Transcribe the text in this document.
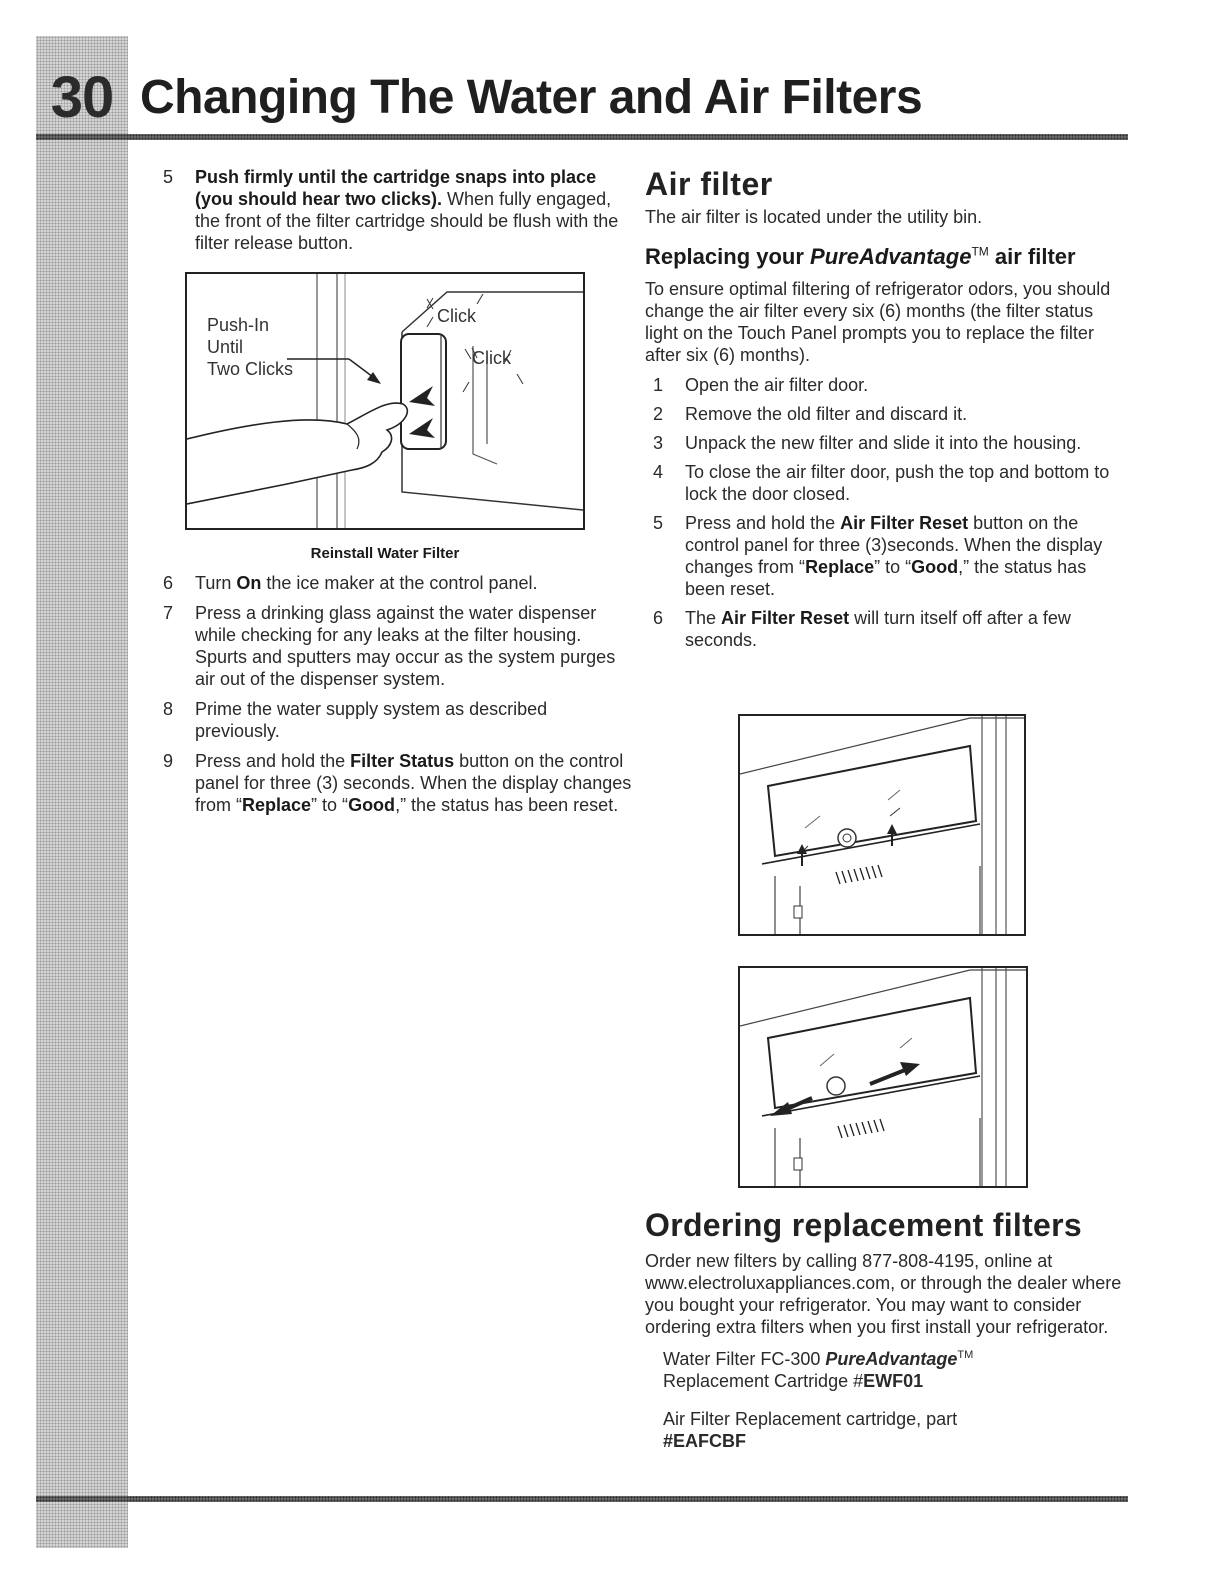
30 Changing The Water and Air Filters
5	Push firmly until the cartridge snaps into place (you should hear two clicks). When fully engaged, the front of the filter cartridge should be flush with the filter release button.
Push-In
Until
Two Clicks
Click
Click
Reinstall Water Filter
6	Turn On the ice maker at the control panel.
7	Press a drinking glass against the water dispenser while checking for any leaks at the filter housing. Spurts and sputters may occur as the system purges air out of the dispenser system.
8	Prime the water supply system as described previously.
9	Press and hold the Filter Status button on the control panel for three (3) seconds. When the display changes from “Replace” to “Good,” the status has been reset.
Air filter

The air filter is located under the utility bin.

Replacing your PureAdvantage™ air filter

To ensure optimal filtering of refrigerator odors, you should change the air filter every six (6) months (the filter status light on the Touch Panel prompts you to replace the filter after six (6) months).

1	Open the air filter door.
2	Remove the old filter and discard it.
3	Unpack the new filter and slide it into the housing.
4	To close the air filter door, push the top and bottom to lock the door closed.
5	Press and hold the Air Filter Reset button on the control panel for three (3)seconds. When the display changes from “Replace” to “Good,” the status has been reset.
6	The Air Filter Reset will turn itself off after a few seconds.
Ordering replacement filters

Order new filters by calling 877-808-4195, online at www.electroluxappliances.com, or through the dealer where you bought your refrigerator. You may want to consider ordering extra filters when you first install your refrigerator.

Water Filter FC-300 PureAdvantage™
Replacement Cartridge #EWF01
Air Filter Replacement cartridge, part
#EAFCBF
